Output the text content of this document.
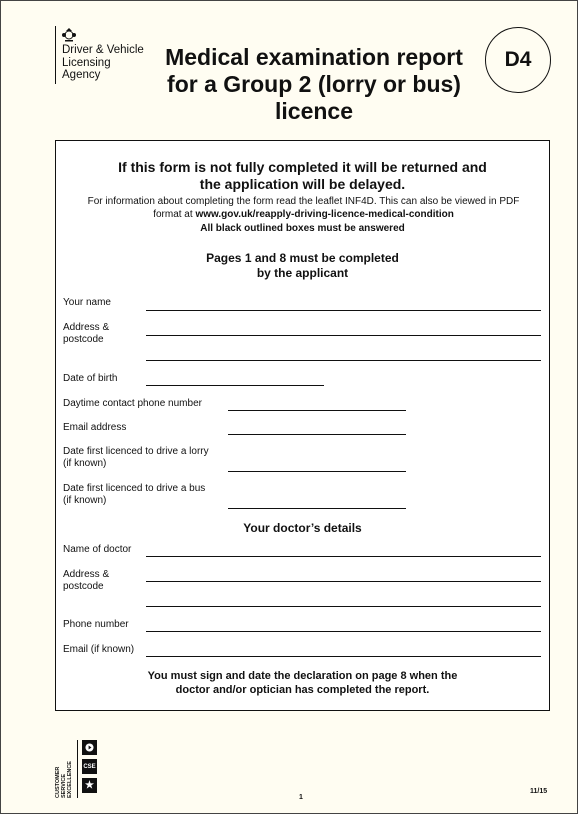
Driver & Vehicle
Licensing
Agency
Medical examination report
for a Group 2 (lorry or bus)
licence
D4
If this form is not fully completed it will be returned and
the application will be delayed.
For information about completing the form read the leaflet INF4D. This can also be viewed in PDF format at www.gov.uk/reapply-driving-licence-medical-condition
All black outlined boxes must be answered
Pages 1 and 8 must be completed
by the applicant
Your name
Address &
postcode
Date of birth
Daytime contact phone number
Email address
Date first licenced to drive a lorry
(if known)
Date first licenced to drive a bus
(if known)
Your doctor’s details
Name of doctor
Address &
postcode
Phone number
Email (if known)
You must sign and date the declaration on page 8 when the
doctor and/or optician has completed the report.
CUSTOMER SERVICE EXCELLENCE CSE
★
1
11/15
